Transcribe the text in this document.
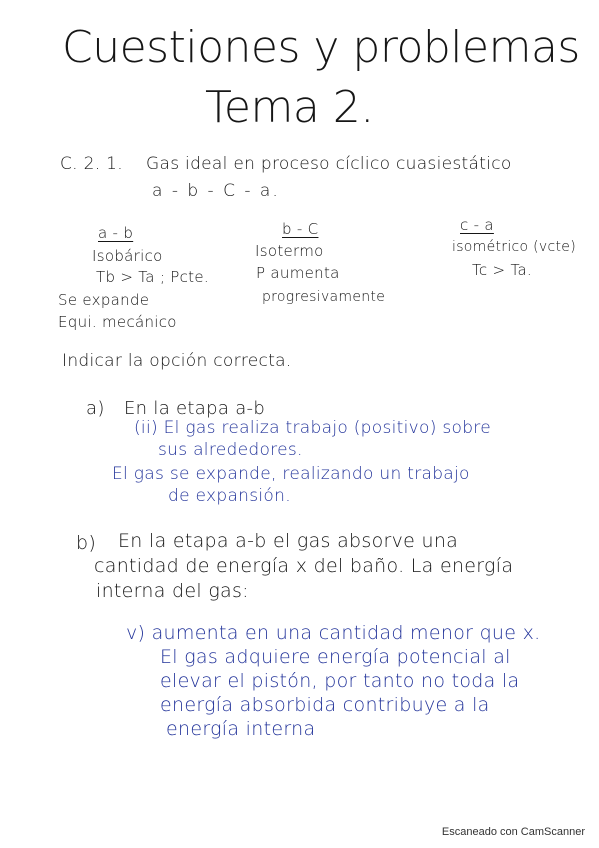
Cuestiones y problemas
Tema 2.
C. 2. 1. Gas ideal en proceso cíclico cuasiestático
a - b - C - a.
a - b
Isobárico
Tb > Ta ; Pcte.
Se expande
Equi. mecánico
b - C
Isotermo
P aumenta
progresivamente
c - a
isométrico (vcte)
Tc > Ta.
Indicar la opción correcta.
a) En la etapa a-b
(ii) El gas realiza trabajo (positivo) sobre
sus alrededores.
El gas se expande, realizando un trabajo
de expansión.
b) En la etapa a-b el gas absorve una
cantidad de energía x del baño. La energía
interna del gas:
v) aumenta en una cantidad menor que x.
El gas adquiere energía potencial al
elevar el pistón, por tanto no toda la
energía absorbida contribuye a la
energía interna
Escaneado con CamScanner
